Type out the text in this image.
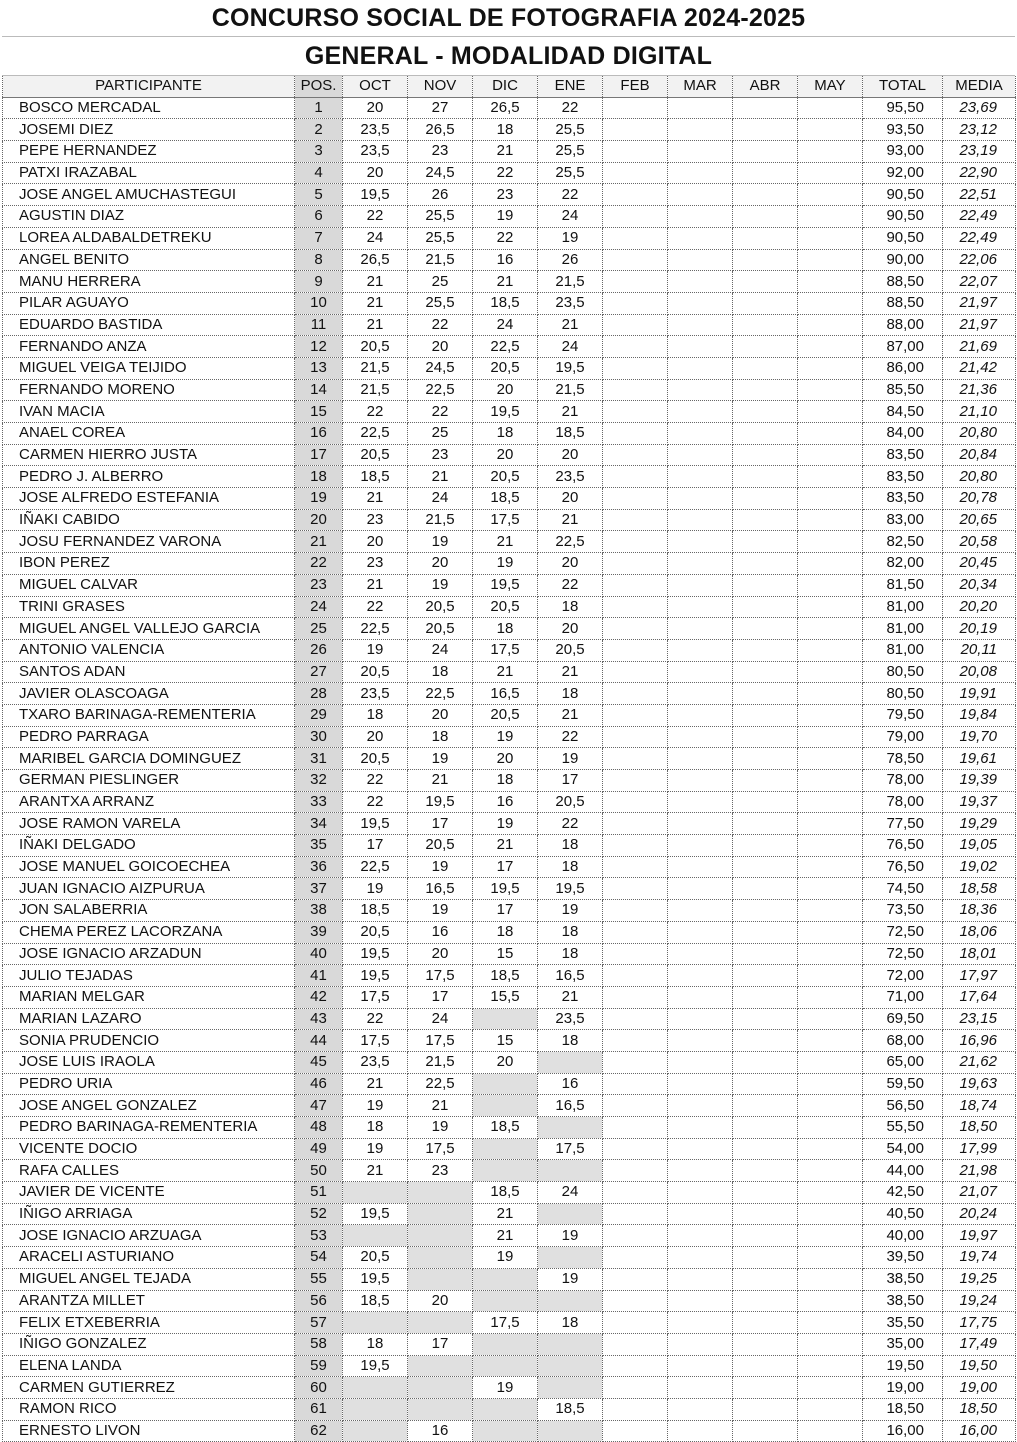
CONCURSO SOCIAL DE FOTOGRAFIA 2024-2025
GENERAL - MODALIDAD DIGITAL
PARTICIPANTE	POS.	OCT	NOV	DIC	ENE	FEB	MAR	ABR	MAY	TOTAL	MEDIA
BOSCO MERCADAL	1	20	27	26,5	22					95,50	23,69
JOSEMI DIEZ	2	23,5	26,5	18	25,5					93,50	23,12
PEPE HERNANDEZ	3	23,5	23	21	25,5					93,00	23,19
PATXI IRAZABAL	4	20	24,5	22	25,5					92,00	22,90
JOSE ANGEL AMUCHASTEGUI	5	19,5	26	23	22					90,50	22,51
AGUSTIN DIAZ	6	22	25,5	19	24					90,50	22,49
LOREA ALDABALDETREKU	7	24	25,5	22	19					90,50	22,49
ANGEL BENITO	8	26,5	21,5	16	26					90,00	22,06
MANU HERRERA	9	21	25	21	21,5					88,50	22,07
PILAR AGUAYO	10	21	25,5	18,5	23,5					88,50	21,97
EDUARDO BASTIDA	11	21	22	24	21					88,00	21,97
FERNANDO ANZA	12	20,5	20	22,5	24					87,00	21,69
MIGUEL VEIGA TEIJIDO	13	21,5	24,5	20,5	19,5					86,00	21,42
FERNANDO MORENO	14	21,5	22,5	20	21,5					85,50	21,36
IVAN MACIA	15	22	22	19,5	21					84,50	21,10
ANAEL COREA	16	22,5	25	18	18,5					84,00	20,80
CARMEN HIERRO JUSTA	17	20,5	23	20	20					83,50	20,84
PEDRO J. ALBERRO	18	18,5	21	20,5	23,5					83,50	20,80
JOSE ALFREDO ESTEFANIA	19	21	24	18,5	20					83,50	20,78
IÑAKI CABIDO	20	23	21,5	17,5	21					83,00	20,65
JOSU FERNANDEZ VARONA	21	20	19	21	22,5					82,50	20,58
IBON PEREZ	22	23	20	19	20					82,00	20,45
MIGUEL CALVAR	23	21	19	19,5	22					81,50	20,34
TRINI GRASES	24	22	20,5	20,5	18					81,00	20,20
MIGUEL ANGEL VALLEJO GARCIA	25	22,5	20,5	18	20					81,00	20,19
ANTONIO VALENCIA	26	19	24	17,5	20,5					81,00	20,11
SANTOS ADAN	27	20,5	18	21	21					80,50	20,08
JAVIER OLASCOAGA	28	23,5	22,5	16,5	18					80,50	19,91
TXARO BARINAGA-REMENTERIA	29	18	20	20,5	21					79,50	19,84
PEDRO PARRAGA	30	20	18	19	22					79,00	19,70
MARIBEL GARCIA DOMINGUEZ	31	20,5	19	20	19					78,50	19,61
GERMAN PIESLINGER	32	22	21	18	17					78,00	19,39
ARANTXA ARRANZ	33	22	19,5	16	20,5					78,00	19,37
JOSE RAMON VARELA	34	19,5	17	19	22					77,50	19,29
IÑAKI DELGADO	35	17	20,5	21	18					76,50	19,05
JOSE MANUEL GOICOECHEA	36	22,5	19	17	18					76,50	19,02
JUAN IGNACIO AIZPURUA	37	19	16,5	19,5	19,5					74,50	18,58
JON SALABERRIA	38	18,5	19	17	19					73,50	18,36
CHEMA PEREZ LACORZANA	39	20,5	16	18	18					72,50	18,06
JOSE IGNACIO ARZADUN	40	19,5	20	15	18					72,50	18,01
JULIO TEJADAS	41	19,5	17,5	18,5	16,5					72,00	17,97
MARIAN MELGAR	42	17,5	17	15,5	21					71,00	17,64
MARIAN LAZARO	43	22	24		23,5					69,50	23,15
SONIA PRUDENCIO	44	17,5	17,5	15	18					68,00	16,96
JOSE LUIS IRAOLA	45	23,5	21,5	20						65,00	21,62
PEDRO URIA	46	21	22,5		16					59,50	19,63
JOSE ANGEL GONZALEZ	47	19	21		16,5					56,50	18,74
PEDRO BARINAGA-REMENTERIA	48	18	19	18,5						55,50	18,50
VICENTE DOCIO	49	19	17,5		17,5					54,00	17,99
RAFA CALLES	50	21	23							44,00	21,98
JAVIER DE VICENTE	51			18,5	24					42,50	21,07
IÑIGO ARRIAGA	52	19,5		21						40,50	20,24
JOSE IGNACIO ARZUAGA	53			21	19					40,00	19,97
ARACELI ASTURIANO	54	20,5		19						39,50	19,74
MIGUEL ANGEL TEJADA	55	19,5			19					38,50	19,25
ARANTZA MILLET	56	18,5	20							38,50	19,24
FELIX ETXEBERRIA	57			17,5	18					35,50	17,75
IÑIGO GONZALEZ	58	18	17							35,00	17,49
ELENA LANDA	59	19,5								19,50	19,50
CARMEN GUTIERREZ	60			19						19,00	19,00
RAMON RICO	61				18,5					18,50	18,50
ERNESTO LIVON	62		16							16,00	16,00
